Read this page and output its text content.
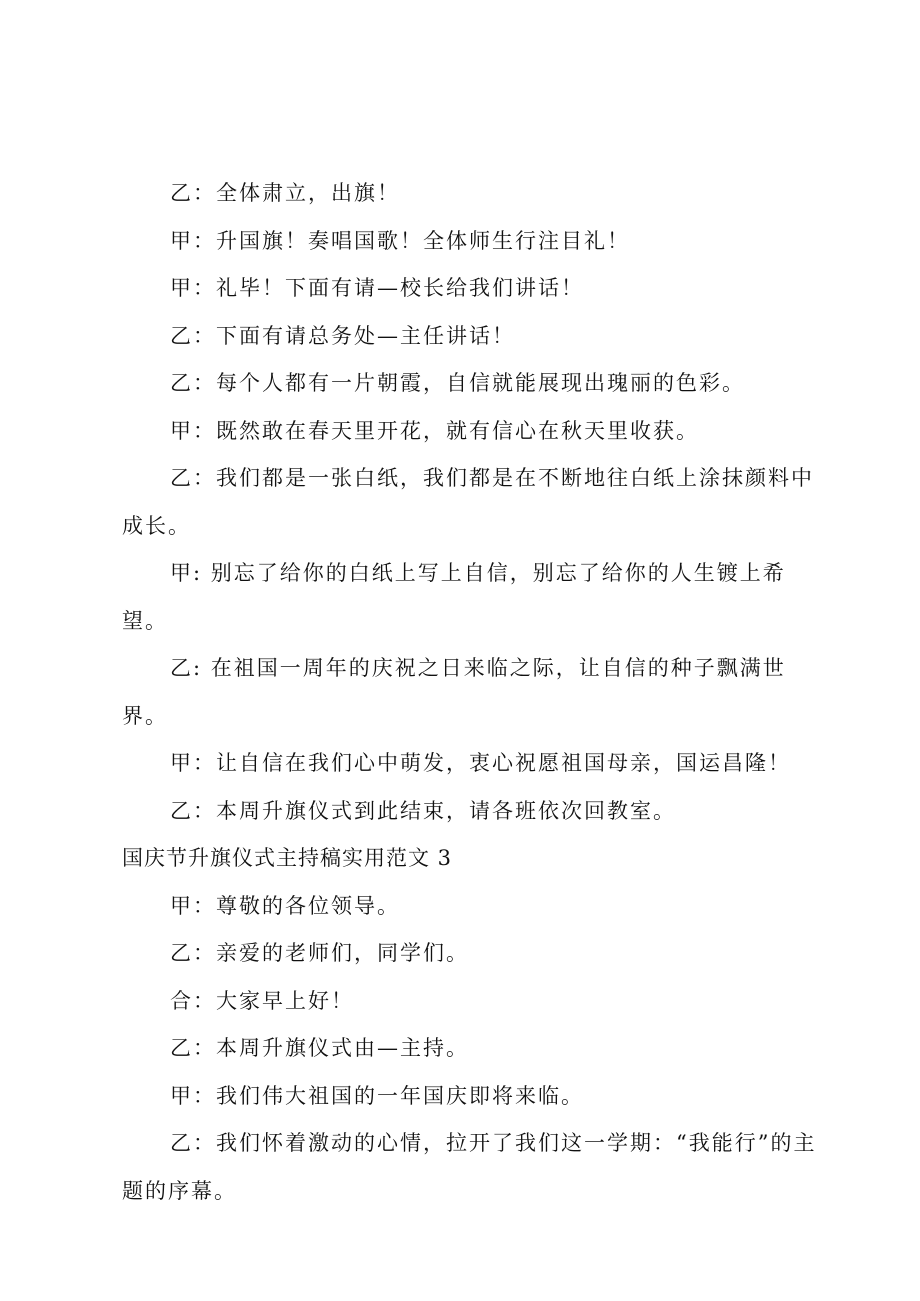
乙：全体肃立，出旗！

甲：升国旗！奏唱国歌！全体师生行注目礼！

甲：礼毕！下面有请—校长给我们讲话！

乙：下面有请总务处—主任讲话！

乙：每个人都有一片朝霞，自信就能展现出瑰丽的色彩。

甲：既然敢在春天里开花，就有信心在秋天里收获。

乙：我们都是一张白纸，我们都是在不断地往白纸上涂抹颜料中成长。

甲: 别忘了给你的白纸上写上自信，别忘了给你的人生镀上希望。

乙: 在祖国一周年的庆祝之日来临之际，让自信的种子飘满世界。

甲：让自信在我们心中萌发，衷心祝愿祖国母亲，国运昌隆！

乙：本周升旗仪式到此结束，请各班依次回教室。

国庆节升旗仪式主持稿实用范文 3

甲：尊敬的各位领导。

乙：亲爱的老师们，同学们。

合：大家早上好！

乙：本周升旗仪式由—主持。

甲：我们伟大祖国的一年国庆即将来临。

乙：我们怀着激动的心情，拉开了我们这一学期：“我能行”的主题的序幕。
